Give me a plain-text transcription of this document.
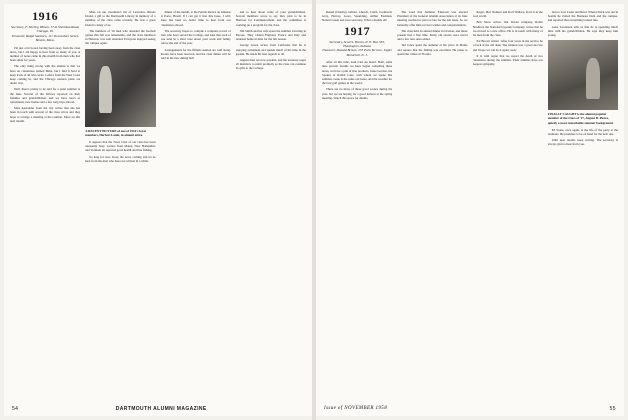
1916
Secretary, F. Stirling Wilson, 5741 Sheridan Road, Chicago, Ill.
Treasurer, Ralph Sanborn, 111 Devonshire Street, Boston, Mass.

I'm just a bit bored, having been away from the class news, but I am happy to hear from so many of you. A number of notes came in this month from men who had been silent for years.

The only thing wrong with the alumni is that we have no classmates named Mike, but I find it hard to keep track of all who write. Letters from the West Coast keep coming in, and the Chicago reunion plans are under way.

Well, there's plenty to be said for a quiet summer at the lake. Several of the fellows reported on their families and grandchildren, and we have news of retirements, new homes and a few long trips abroad.

Miss Alexander from the city writes that she has been in touch with several of the class wives and they hope to arrange a meeting at the reunion. More on this next month.

Man, on our classmate's list of Lawrence, Rhode Island, a gift to the Dartmouth Library in memory of a member of the class came recently. He was a great friend to many of us.

The numbers of '16 men who attended the football games this fall was remarkable, and the class luncheon in Hanover was well attended. Everyone enjoyed seeing the campus again.

A RECENT PICTURE of one of 1916's loyal members, Herbert Lamb, in alumni attire.

It appears that the Town Crier of our class has been unusually busy. Letters from Maine, New Hampshire and Vermont all reported good health and fine fishing.

So long for now. Keep the news coming and let us hear from the men who have not written in a while.

dinner of the month, at the Fenida Terrica de Amenas in Porto, Brazil. If I can get it into this issue, I will; there has been no better time to hear from our classmates abroad.

The secretary hopes to compile a complete record of men who have served the College, and asks that each of you send in a short note about your work and family before the end of the year.

Arrangements for the fiftieth reunion are well along. Rooms have been reserved, and the class dinner will be held in the new dining hall.

and to hear about some of your grandchildren. Several members wrote to say they plan to be in Hanover for Commencement, and the committee is working on a program for the class.

Jim Smith and his wife spent the summer traveling in Europe. They visited England, France and Italy and returned home in time for the fall season.

George Green writes from California that he is enjoying retirement and spends much of his time in the garden. He sends his best regards to all.

August dues are now payable, and the treasurer urges all members to remit promptly so the class can continue its gifts to the College.

54	DARTMOUTH ALUMNI MAGAZINE

Russel (Charlie), Gilbert, Church, Crabb, Cromwell, Gray, Harvey, Lowe, Spaulding, Arthur Eastman, Nelson Green and your secretary. What a month, eh!

1917
Secretary, Scott S. Brown, P. O. Box 535, Huntington, Indiana
Treasurer, Donald Brown, 133 Park Terrace, Upper Montclair, N. J.

After all this time, loud cries are heard. Both, some nine percent fourths we have begun compiling these notes, we have a pile of fine products. Gene Gordon, the Spokes of Rabbit Lane, with whom we spoke this summer. Gene is the same old Gene, and the weather for the best golf games in the world.

There are no more of these good scenes during the year, but we are hoping for a good turnout at the spring meeting. Watch this space for details.

The word that Summer Emerson was elected President of the General Alumni Association at its June meeting reached us just too late for the last issue. So we belatedly offer him our best wishes and congratulations.

The class held its annual dinner in October, and those present had a fine time. Many old stories were retold and a few new ones added.

Ted Jones spent the summer at his place in Maine and reports that the fishing was excellent. He plans to spend the winter in Florida.

Roger, Mac Neilson and Karl Wallace, Karl is in the food world.

Bob Snow writes: Our bistate company, Robin Bradford, the National Gypsum Company, writes that he has moved to a new office. He is in touch with many of the men from the class.

Pat Brown writes: 'After four years in the service he is back at the old desk. The reunion was a great success and I hope we can do it again soon.'

It is with regret that we report the death of two classmates during the summer. Their families have our deepest sympathy.

tion to Lew Lister and Reed. When Chuck was out in Seattle he visited the Bonneau Dam and the campus, and reported that everything looked fine.

Gene Lorentzen tells us that he is spending much time with his grandchildren. He says they keep him young.

FINALLY CAUGHT is the alumni popular member of the Class of '17, August B. Pierce, quietly a most remarkable summer background.

Ed Stone, once again, is the life of the party at the reunions. He promises to be on hand for the next one.

Until next month, keep writing. The secretary is always glad to hear from you.

Issue of NOVEMBER 1958	55
